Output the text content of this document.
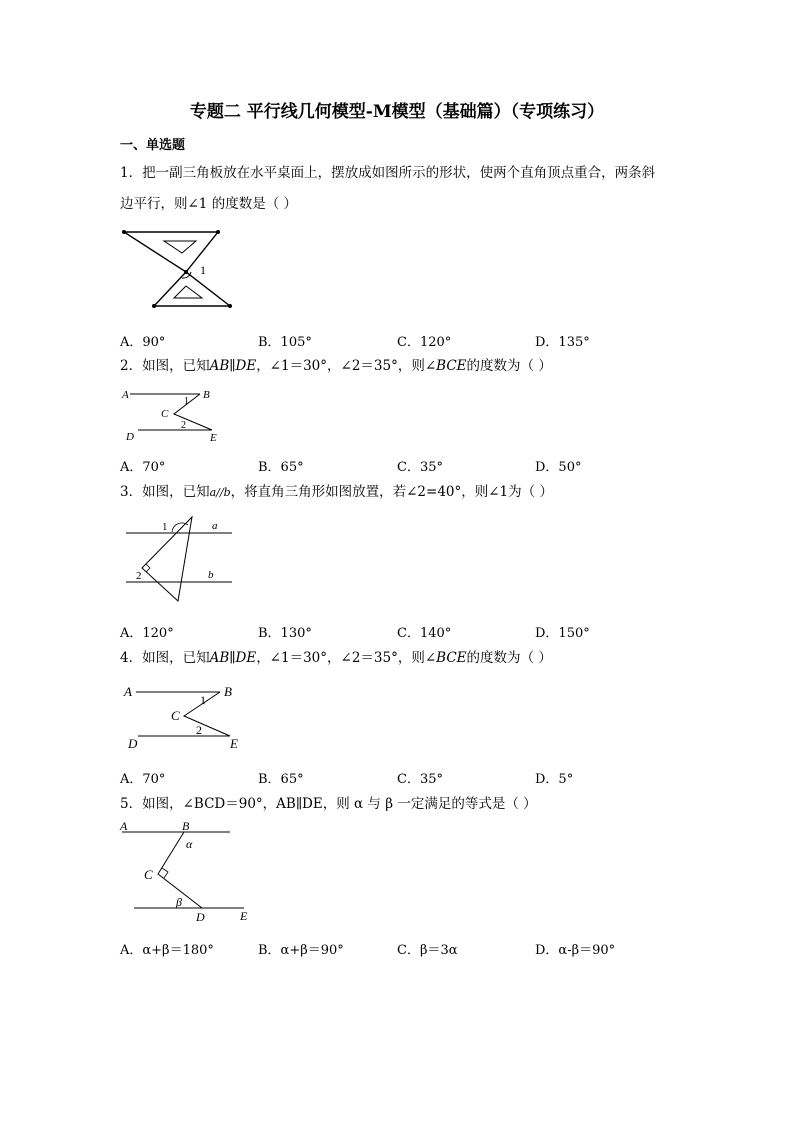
专题二 平行线几何模型-M模型（基础篇）（专项练习）
一、单选题
1．把一副三角板放在水平桌面上，摆放成如图所示的形状，使两个直角顶点重合，两条斜
边平行，则∠1 的度数是（ ）
1
A．90°	B．105°	C．120°	D．135°
2．如图，已知AB∥DE，∠1＝30°，∠2＝35°，则∠BCE的度数为（ ）
A	B
C
D	E
1
2
A．70°	B．65°	C．35°	D．50°
3．如图，已知a//b，将直角三角形如图放置，若∠2=40°，则∠1为（ ）
1	a
2	b
A．120°	B．130°	C．140°	D．150°
4．如图，已知AB∥DE，∠1＝30°，∠2＝35°，则∠BCE的度数为（ ）
A	B
C
D	E
1
2
A．70°	B．65°	C．35°	D．5°
5．如图，∠BCD＝90°，AB∥DE，则 α 与 β 一定满足的等式是（ ）
A	B
α
C
β
D	E
A．α+β＝180°	B．α+β＝90°	C．β＝3α	D．α-β＝90°
